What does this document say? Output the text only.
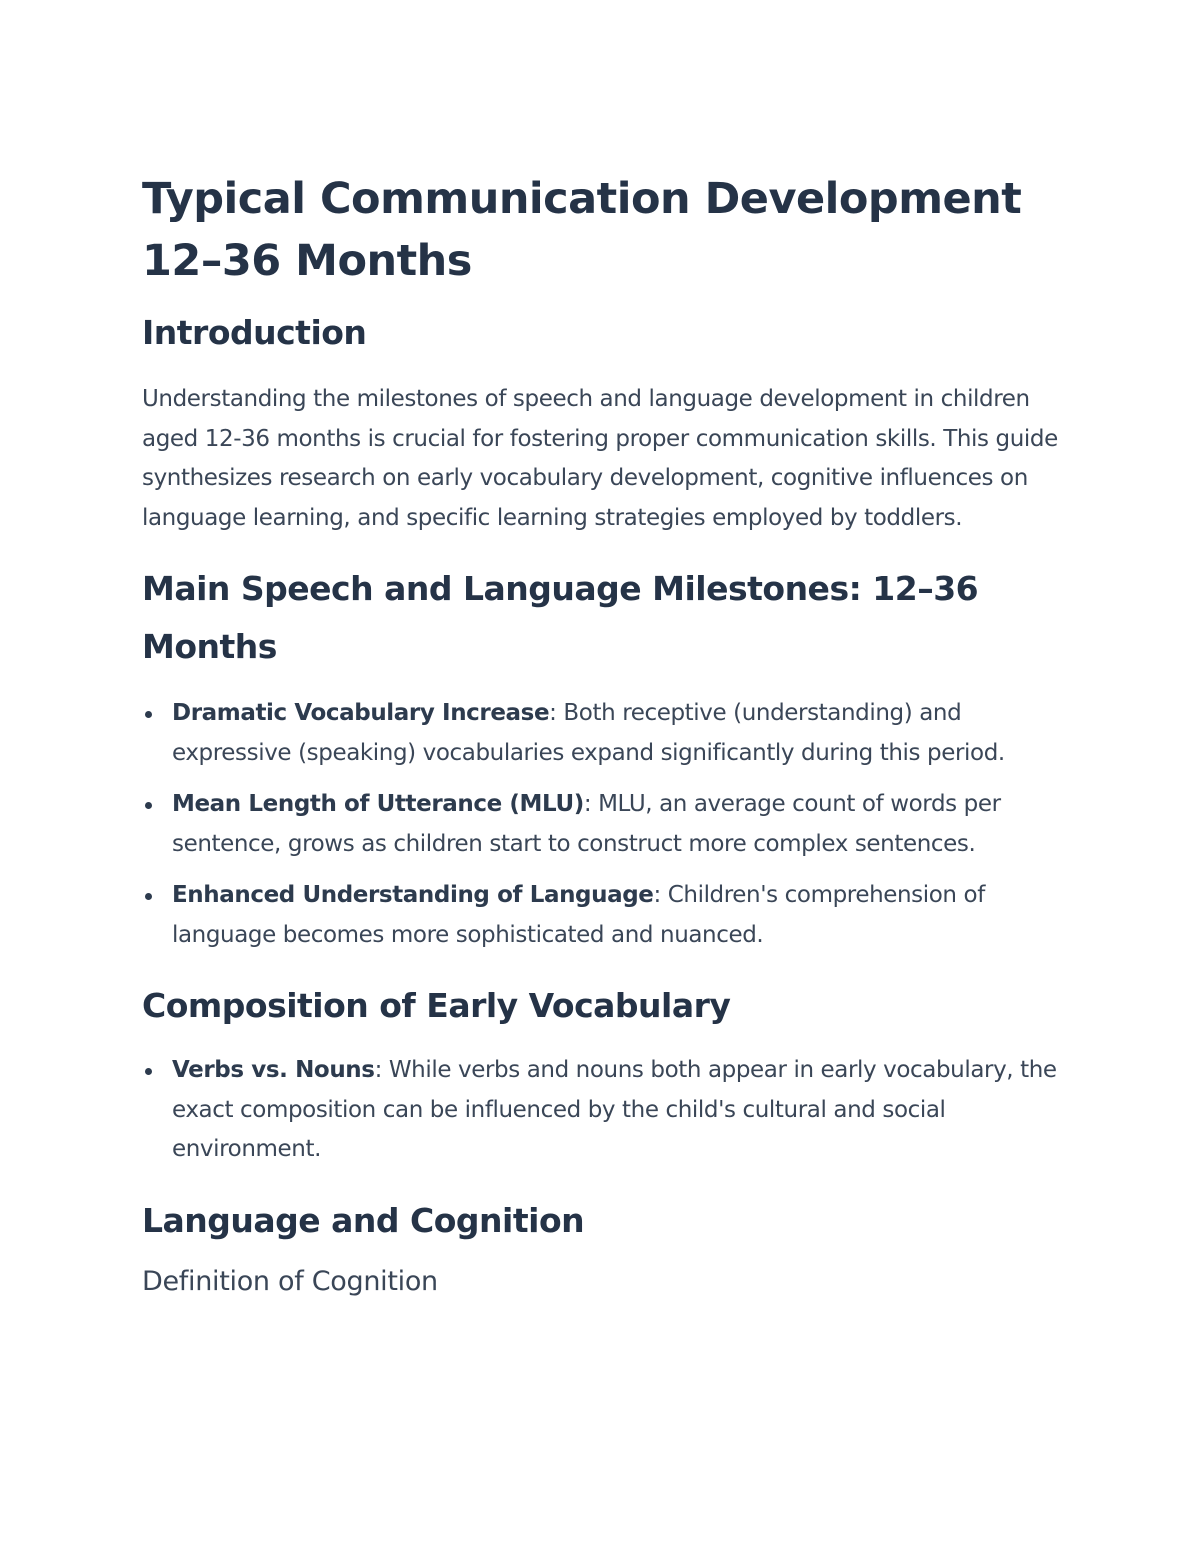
Typical Communication Development 12–36 Months
Introduction

Understanding the milestones of speech and language development in children aged 12-36 months is crucial for fostering proper communication skills. This guide synthesizes research on early vocabulary development, cognitive influences on language learning, and specific learning strategies employed by toddlers.

Main Speech and Language Milestones: 12–36 Months
Dramatic Vocabulary Increase: Both receptive (understanding) and expressive (speaking) vocabularies expand significantly during this period.
Mean Length of Utterance (MLU): MLU, an average count of words per sentence, grows as children start to construct more complex sentences.
Enhanced Understanding of Language: Children's comprehension of language becomes more sophisticated and nuanced.
Composition of Early Vocabulary
Verbs vs. Nouns: While verbs and nouns both appear in early vocabulary, the exact composition can be influenced by the child's cultural and social environment.
Language and Cognition
Definition of Cognition
